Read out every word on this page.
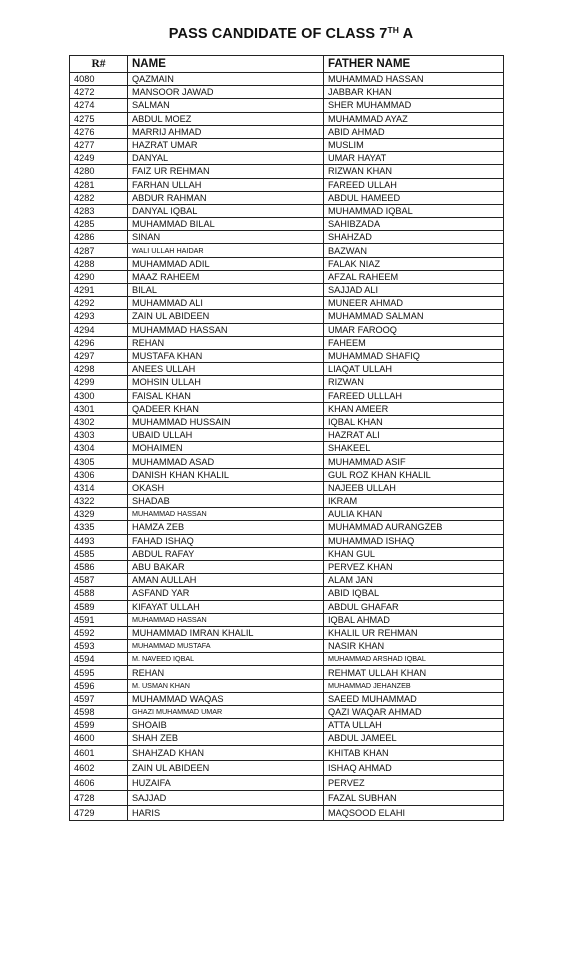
PASS CANDIDATE OF CLASS 7TH A
R#	NAME	FATHER NAME
4080	QAZMAIN	MUHAMMAD HASSAN
4272	MANSOOR JAWAD	JABBAR KHAN
4274	SALMAN	SHER MUHAMMAD
4275	ABDUL MOEZ	MUHAMMAD AYAZ
4276	MARRIJ AHMAD	ABID AHMAD
4277	HAZRAT UMAR	MUSLIM
4249	DANYAL	UMAR HAYAT
4280	FAIZ UR REHMAN	RIZWAN KHAN
4281	FARHAN ULLAH	FAREED ULLAH
4282	ABDUR RAHMAN	ABDUL HAMEED
4283	DANYAL IQBAL	MUHAMMAD IQBAL
4285	MUHAMMAD BILAL	SAHIBZADA
4286	SINAN	SHAHZAD
4287	WALI ULLAH HAIDAR	BAZWAN
4288	MUHAMMAD ADIL	FALAK NIAZ
4290	MAAZ RAHEEM	AFZAL RAHEEM
4291	BILAL	SAJJAD ALI
4292	MUHAMMAD ALI	MUNEER AHMAD
4293	ZAIN UL ABIDEEN	MUHAMMAD SALMAN
4294	MUHAMMAD HASSAN	UMAR FAROOQ
4296	REHAN	FAHEEM
4297	MUSTAFA KHAN	MUHAMMAD SHAFIQ
4298	ANEES ULLAH	LIAQAT ULLAH
4299	MOHSIN ULLAH	RIZWAN
4300	FAISAL KHAN	FAREED ULLLAH
4301	QADEER KHAN	KHAN AMEER
4302	MUHAMMAD HUSSAIN	IQBAL KHAN
4303	UBAID ULLAH	HAZRAT ALI
4304	MOHAIMEN	SHAKEEL
4305	MUHAMMAD ASAD	MUHAMMAD ASIF
4306	DANISH KHAN KHALIL	GUL ROZ KHAN KHALIL
4314	OKASH	NAJEEB ULLAH
4322	SHADAB	IKRAM
4329	MUHAMMAD HASSAN	AULIA KHAN
4335	HAMZA ZEB	MUHAMMAD AURANGZEB
4493	FAHAD ISHAQ	MUHAMMAD ISHAQ
4585	ABDUL RAFAY	KHAN GUL
4586	ABU BAKAR	PERVEZ KHAN
4587	AMAN AULLAH	ALAM JAN
4588	ASFAND YAR	ABID IQBAL
4589	KIFAYAT ULLAH	ABDUL GHAFAR
4591	MUHAMMAD HASSAN	IQBAL AHMAD
4592	MUHAMMAD IMRAN KHALIL	KHALIL UR REHMAN
4593	MUHAMMAD MUSTAFA	NASIR KHAN
4594	M. NAVEED IQBAL	MUHAMMAD ARSHAD IQBAL
4595	REHAN	REHMAT ULLAH KHAN
4596	M. USMAN KHAN	MUHAMMAD JEHANZEB
4597	MUHAMMAD WAQAS	SAEED MUHAMMAD
4598	GHAZI MUHAMMAD UMAR	QAZI WAQAR AHMAD
4599	SHOAIB	ATTA ULLAH
4600	SHAH ZEB	ABDUL JAMEEL
4601	SHAHZAD KHAN	KHITAB KHAN
4602	ZAIN UL ABIDEEN	ISHAQ AHMAD
4606	HUZAIFA	PERVEZ
4728	SAJJAD	FAZAL SUBHAN
4729	HARIS	MAQSOOD ELAHI
